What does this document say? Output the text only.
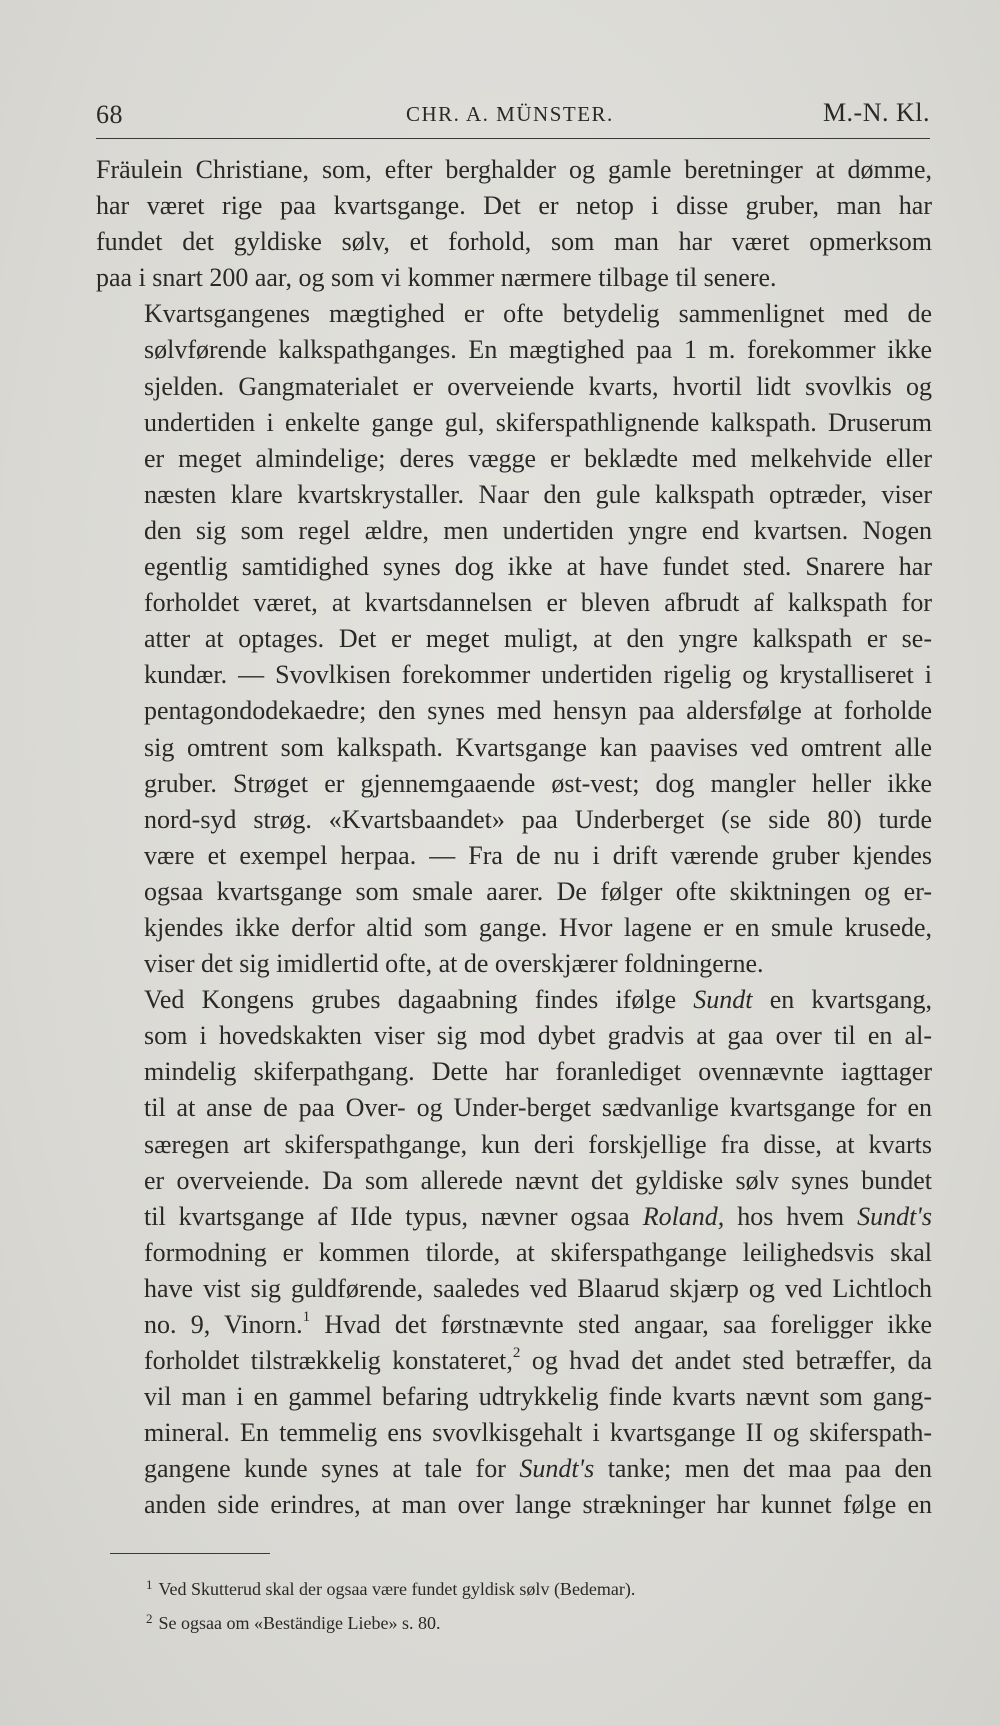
68	CHR. A. MÜNSTER.	M.-N. Kl.

Fräulein Christiane, som, efter berghalder og gamle beretninger at dømme,
har været rige paa kvartsgange. Det er netop i disse gruber, man har
fundet det gyldiske sølv, et forhold, som man har været opmerksom
paa i snart 200 aar, og som vi kommer nærmere tilbage til senere.

Kvartsgangenes mægtighed er ofte betydelig sammenlignet med de
sølvførende kalkspathganges. En mægtighed paa 1 m. forekommer ikke
sjelden. Gangmaterialet er overveiende kvarts, hvortil lidt svovlkis og
undertiden i enkelte gange gul, skiferspathlignende kalkspath. Druserum
er meget almindelige; deres vægge er beklædte med melkehvide eller
næsten klare kvartskrystaller. Naar den gule kalkspath optræder, viser
den sig som regel ældre, men undertiden yngre end kvartsen. Nogen
egentlig samtidighed synes dog ikke at have fundet sted. Snarere har
forholdet været, at kvartsdannelsen er bleven afbrudt af kalkspath for
atter at optages. Det er meget muligt, at den yngre kalkspath er se-
kundær. — Svovlkisen forekommer undertiden rigelig og krystalliseret i
pentagondodekaedre; den synes med hensyn paa aldersfølge at forholde
sig omtrent som kalkspath. Kvartsgange kan paavises ved omtrent alle
gruber. Strøget er gjennemgaaende øst-vest; dog mangler heller ikke
nord-syd strøg. «Kvartsbaandet» paa Underberget (se side 80) turde
være et exempel herpaa. — Fra de nu i drift værende gruber kjendes
ogsaa kvartsgange som smale aarer. De følger ofte skiktningen og er-
kjendes ikke derfor altid som gange. Hvor lagene er en smule krusede,
viser det sig imidlertid ofte, at de overskjærer foldningerne.

Ved Kongens grubes dagaabning findes ifølge Sundt en kvartsgang,
som i hovedskakten viser sig mod dybet gradvis at gaa over til en al-
mindelig skiferpathgang. Dette har foranlediget ovennævnte iagttager
til at anse de paa Over- og Under-berget sædvanlige kvartsgange for en
særegen art skiferspathgange, kun deri forskjellige fra disse, at kvarts
er overveiende. Da som allerede nævnt det gyldiske sølv synes bundet
til kvartsgange af IIde typus, nævner ogsaa Roland, hos hvem Sundt's
formodning er kommen tilorde, at skiferspathgange leilighedsvis skal
have vist sig guldførende, saaledes ved Blaarud skjærp og ved Lichtloch
no. 9, Vinorn.$^1$ Hvad det førstnævnte sted angaar, saa foreligger ikke
forholdet tilstrækkelig konstateret,$^2$ og hvad det andet sted betræffer, da
vil man i en gammel befaring udtrykkelig finde kvarts nævnt som gang-
mineral. En temmelig ens svovlkisgehalt i kvartsgange II og skiferspath-
gangene kunde synes at tale for Sundt's tanke; men det maa paa den
anden side erindres, at man over lange strækninger har kunnet følge en

$^1$ Ved Skutterud skal der ogsaa være fundet gyldisk sølv (Bedemar).
$^2$ Se ogsaa om «Beständige Liebe» s. 80.
